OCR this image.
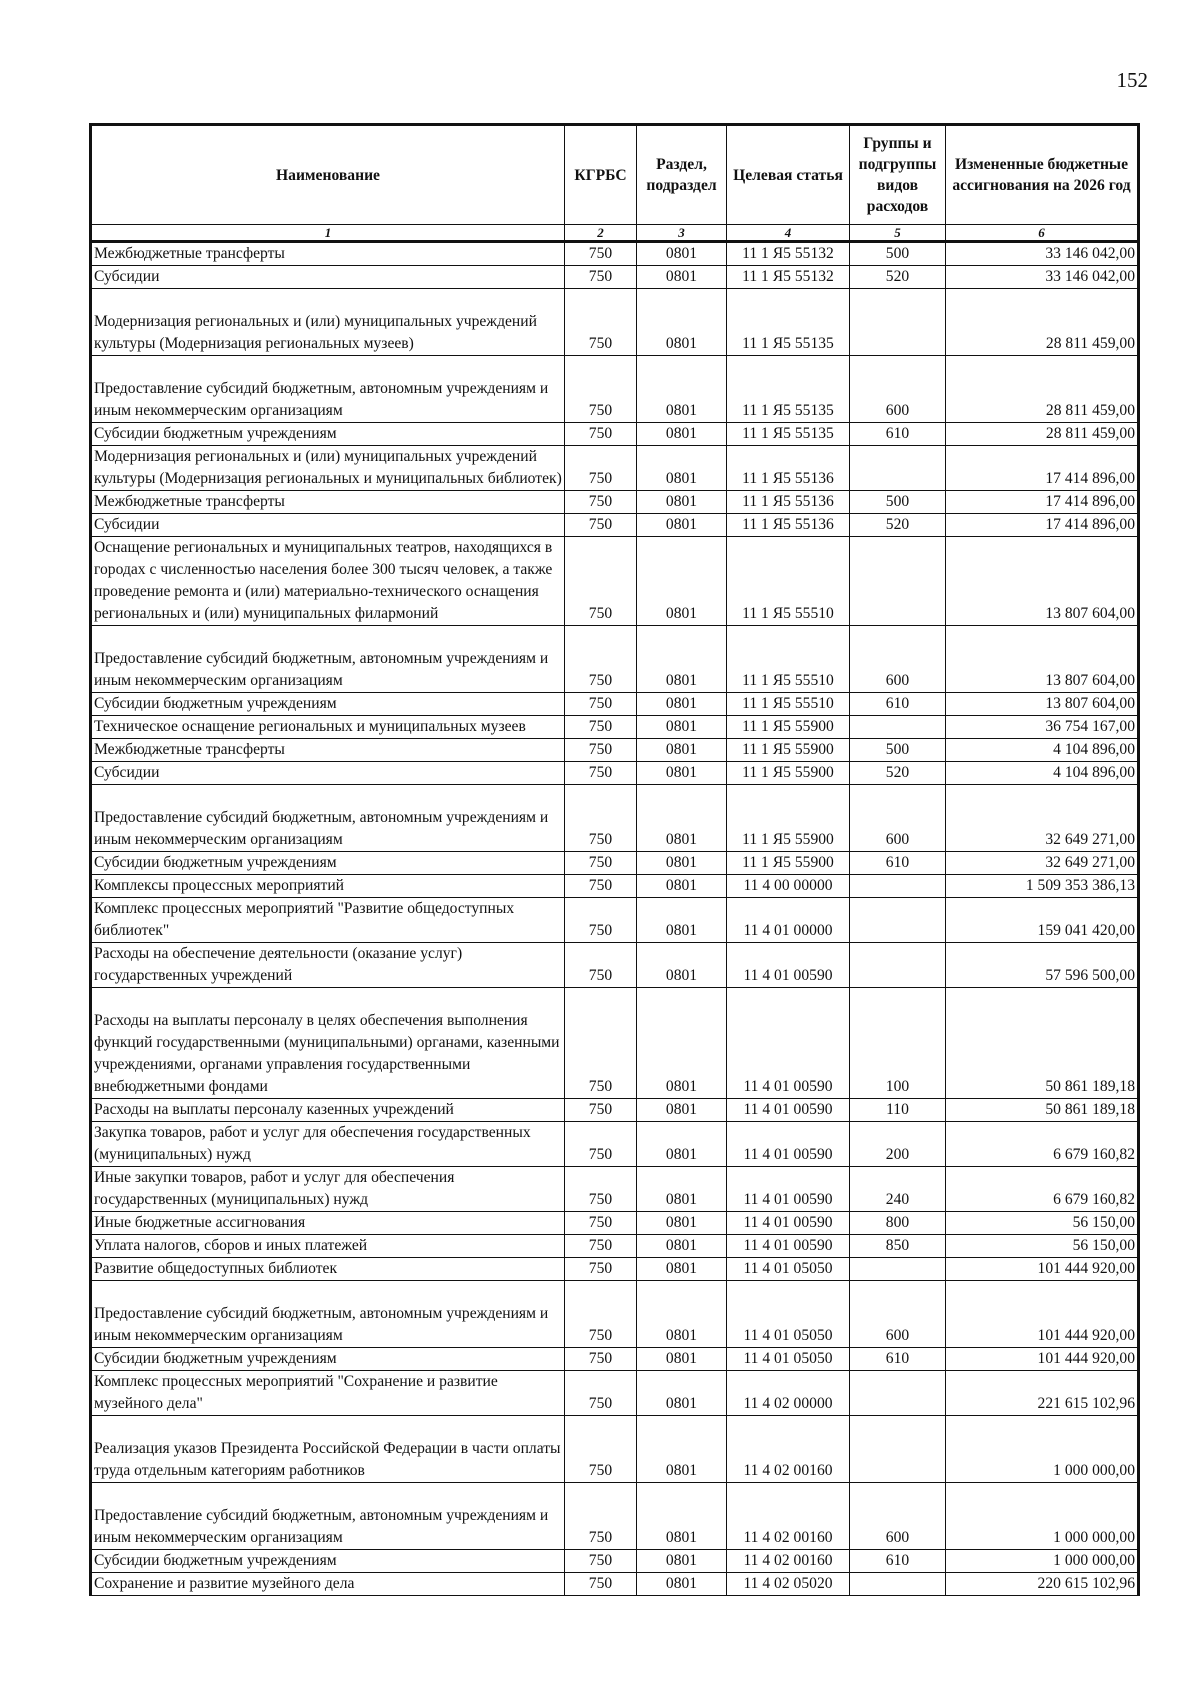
152
Наименование	КГРБС	Раздел, подраздел	Целевая статья	Группы и подгруппы видов расходов	Измененные бюджетные ассигнования на 2026 год
1	2	3	4	5	6
Межбюджетные трансферты	750	0801	11 1 Я5 55132	500	33 146 042,00
Субсидии	750	0801	11 1 Я5 55132	520	33 146 042,00
Модернизация региональных и (или) муниципальных учреждений культуры (Модернизация региональных музеев)	750	0801	11 1 Я5 55135		28 811 459,00
Предоставление субсидий бюджетным, автономным учреждениям и иным некоммерческим организациям	750	0801	11 1 Я5 55135	600	28 811 459,00
Субсидии бюджетным учреждениям	750	0801	11 1 Я5 55135	610	28 811 459,00
Модернизация региональных и (или) муниципальных учреждений культуры (Модернизация региональных и муниципальных библиотек)	750	0801	11 1 Я5 55136		17 414 896,00
Межбюджетные трансферты	750	0801	11 1 Я5 55136	500	17 414 896,00
Субсидии	750	0801	11 1 Я5 55136	520	17 414 896,00
Оснащение региональных и муниципальных театров, находящихся в городах с численностью населения более 300 тысяч человек, а также проведение ремонта и (или) материально-технического оснащения региональных и (или) муниципальных филармоний	750	0801	11 1 Я5 55510		13 807 604,00
Предоставление субсидий бюджетным, автономным учреждениям и иным некоммерческим организациям	750	0801	11 1 Я5 55510	600	13 807 604,00
Субсидии бюджетным учреждениям	750	0801	11 1 Я5 55510	610	13 807 604,00
Техническое оснащение региональных и муниципальных музеев	750	0801	11 1 Я5 55900		36 754 167,00
Межбюджетные трансферты	750	0801	11 1 Я5 55900	500	4 104 896,00
Субсидии	750	0801	11 1 Я5 55900	520	4 104 896,00
Предоставление субсидий бюджетным, автономным учреждениям и иным некоммерческим организациям	750	0801	11 1 Я5 55900	600	32 649 271,00
Субсидии бюджетным учреждениям	750	0801	11 1 Я5 55900	610	32 649 271,00
Комплексы процессных мероприятий	750	0801	11 4 00 00000		1 509 353 386,13
Комплекс процессных мероприятий "Развитие общедоступных библиотек"	750	0801	11 4 01 00000		159 041 420,00
Расходы на обеспечение деятельности (оказание услуг) государственных учреждений	750	0801	11 4 01 00590		57 596 500,00
Расходы на выплаты персоналу в целях обеспечения выполнения функций государственными (муниципальными) органами, казенными учреждениями, органами управления государственными внебюджетными фондами	750	0801	11 4 01 00590	100	50 861 189,18
Расходы на выплаты персоналу казенных учреждений	750	0801	11 4 01 00590	110	50 861 189,18
Закупка товаров, работ и услуг для обеспечения государственных (муниципальных) нужд	750	0801	11 4 01 00590	200	6 679 160,82
Иные закупки товаров, работ и услуг для обеспечения государственных (муниципальных) нужд	750	0801	11 4 01 00590	240	6 679 160,82
Иные бюджетные ассигнования	750	0801	11 4 01 00590	800	56 150,00
Уплата налогов, сборов и иных платежей	750	0801	11 4 01 00590	850	56 150,00
Развитие общедоступных библиотек	750	0801	11 4 01 05050		101 444 920,00
Предоставление субсидий бюджетным, автономным учреждениям и иным некоммерческим организациям	750	0801	11 4 01 05050	600	101 444 920,00
Субсидии бюджетным учреждениям	750	0801	11 4 01 05050	610	101 444 920,00
Комплекс процессных мероприятий "Сохранение и развитие музейного дела"	750	0801	11 4 02 00000		221 615 102,96
Реализация указов Президента Российской Федерации в части оплаты труда отдельным категориям работников	750	0801	11 4 02 00160		1 000 000,00
Предоставление субсидий бюджетным, автономным учреждениям и иным некоммерческим организациям	750	0801	11 4 02 00160	600	1 000 000,00
Субсидии бюджетным учреждениям	750	0801	11 4 02 00160	610	1 000 000,00
Сохранение и развитие музейного дела	750	0801	11 4 02 05020		220 615 102,96
